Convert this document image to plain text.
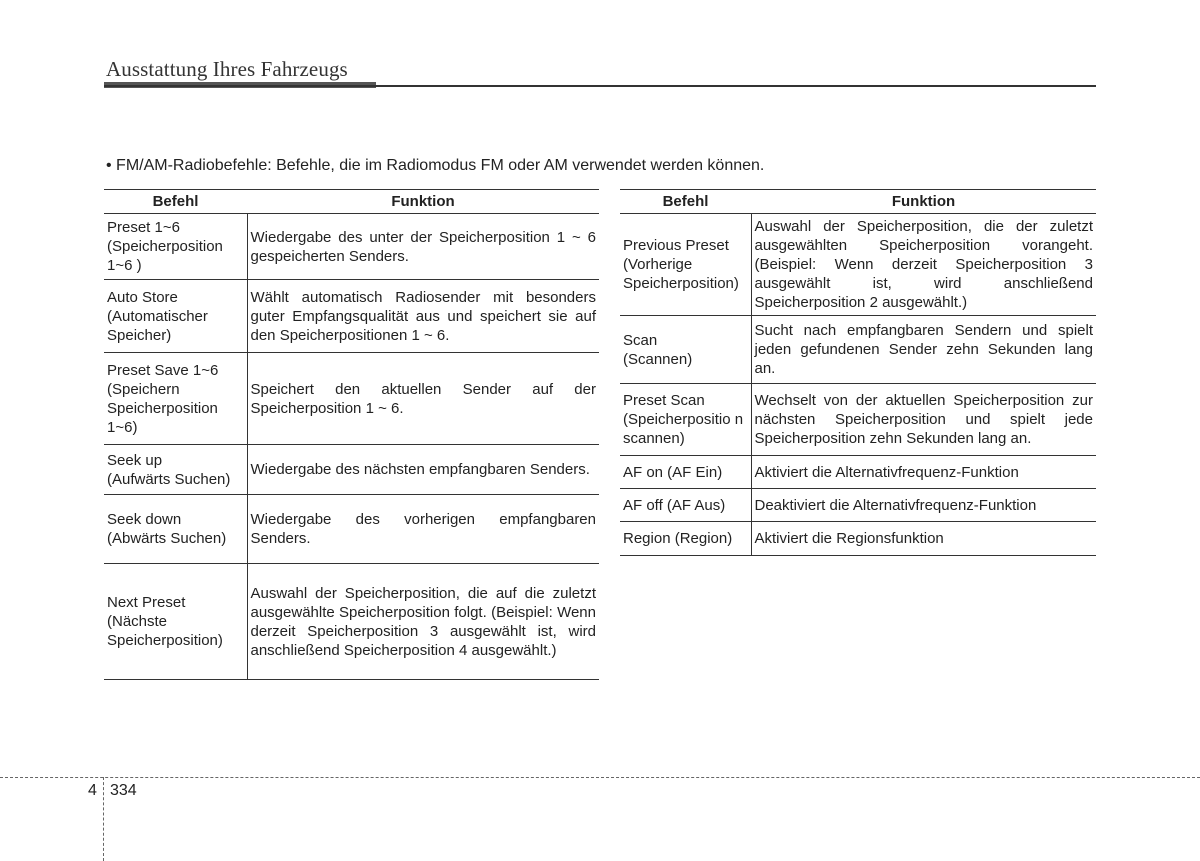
Ausstattung Ihres Fahrzeugs
• FM/AM-Radiobefehle: Befehle, die im Radiomodus FM oder AM verwendet werden können.
Befehl	Funktion
Preset 1~6
(Speicherposition 1~6 )	Wiedergabe des unter der Speicherposition 1 ~ 6 gespeicherten Senders.
Auto Store
(Automatischer Speicher)	Wählt automatisch Radiosender mit besonders guter Empfangsqualität aus und speichert sie auf den Speicherpositionen 1 ~ 6.
Preset Save 1~6
(Speichern Speicherposition 1~6)	Speichert den aktuellen Sender auf der Speicherposition 1 ~ 6.
Seek up
(Aufwärts Suchen)	Wiedergabe des nächsten empfangbaren Senders.
Seek down
(Abwärts Suchen)	Wiedergabe des vorherigen empfangbaren Senders.
Next Preset
(Nächste Speicherposition)	Auswahl der Speicherposition, die auf die zuletzt ausgewählte Speicherposition folgt. (Beispiel: Wenn derzeit Speicherposition 3 ausgewählt ist, wird anschließend Speicherposition 4 ausgewählt.)
Befehl	Funktion
Previous Preset
(Vorherige Speicherposition)	Auswahl der Speicherposition, die der zuletzt ausgewählten Speicherposition vorangeht. (Beispiel: Wenn derzeit Speicherposition 3 ausgewählt ist, wird anschließend Speicherposition 2 ausgewählt.)
Scan
(Scannen)	Sucht nach empfangbaren Sendern und spielt jeden gefundenen Sender zehn Sekunden lang an.
Preset Scan
(Speicherpositio n scannen)	Wechselt von der aktuellen Speicherposition zur nächsten Speicherposition und spielt jede Speicherposition zehn Sekunden lang an.
AF on (AF Ein)	Aktiviert die Alternativfrequenz-Funktion
AF off (AF Aus)	Deaktiviert die Alternativfrequenz-Funktion
Region (Region)	Aktiviert die Regionsfunktion
4 334
